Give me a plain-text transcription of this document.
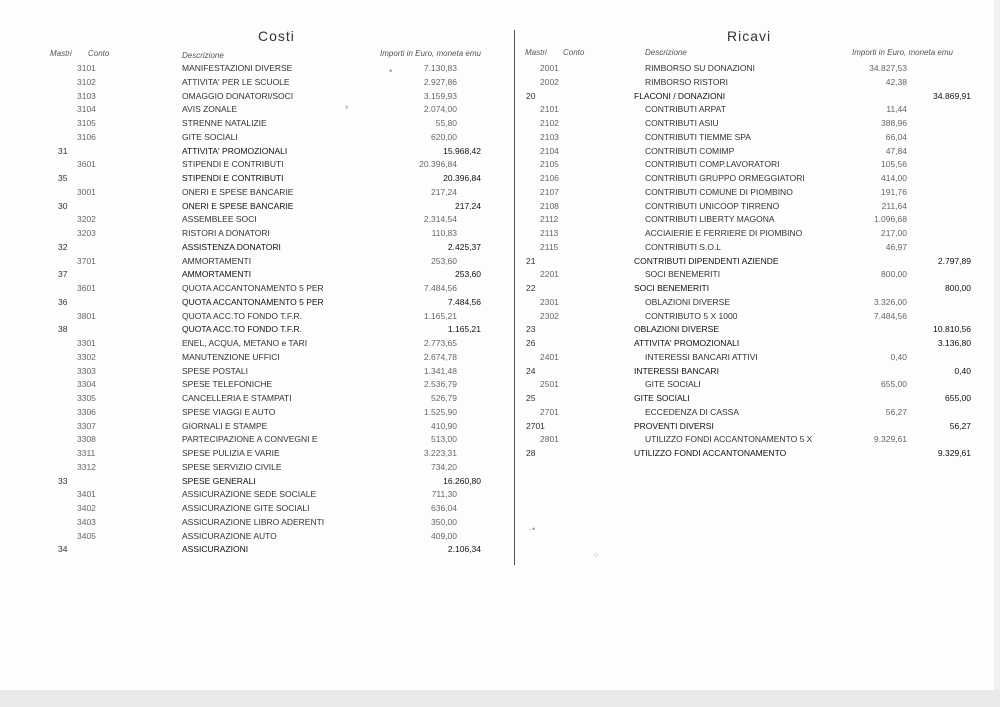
Costi	Ricavi
Mastri Conto	Descrizione	Importi in Euro, moneta emu	Mastri Conto	Descrizione	Importi in Euro, moneta emu
3101	MANIFESTAZIONI DIVERSE	7.130,83
3102	ATTIVITA' PER LE SCUOLE	2.927,86
3103	OMAGGIO DONATORI/SOCI	3.159,93
3104	AVIS ZONALE	2.074,00
3105	STRENNE NATALIZIE	55,80
3106	GITE SOCIALI	620,00
31	ATTIVITA' PROMOZIONALI	15.968,42
3601	STIPENDI E CONTRIBUTI	20.396,84
35	STIPENDI E CONTRIBUTI	20.396,84
3001	ONERI E SPESE BANCARIE	217,24
30	ONERI E SPESE BANCARIE	217,24
3202	ASSEMBLEE SOCI	2.314,54
3203	RISTORI A DONATORI	110,83
32	ASSISTENZA DONATORI	2.425,37
3701	AMMORTAMENTI	253,60
37	AMMORTAMENTI	253,60
3601	QUOTA ACCANTONAMENTO 5 PER	7.484,56
36	QUOTA ACCANTONAMENTO 5 PER	7.484,56
3801	QUOTA ACC.TO FONDO T.F.R.	1.165,21
38	QUOTA ACC.TO FONDO T.F.R.	1.165,21
3301	ENEL, ACQUA, METANO e TARI	2.773,65
3302	MANUTENZIONE UFFICI	2.674,78
3303	SPESE POSTALI	1.341,48
3304	SPESE TELEFONICHE	2.536,79
3305	CANCELLERIA E STAMPATI	526,79
3306	SPESE VIAGGI E AUTO	1.525,90
3307	GIORNALI E STAMPE	410,90
3308	PARTECIPAZIONE A CONVEGNI E	513,00
3311	SPESE PULIZIA E VARIE	3.223,31
3312	SPESE SERVIZIO CIVILE	734,20
33	SPESE GENERALI	16.260,80
3401	ASSICURAZIONE SEDE SOCIALE	711,30
3402	ASSICURAZIONE GITE SOCIALI	636,04
3403	ASSICURAZIONE LIBRO ADERENTI	350,00
3405	ASSICURAZIONE AUTO	409,00
34	ASSICURAZIONI	2.106,34
2001	RIMBORSO SU DONAZIONI	34.827,53
2002	RIMBORSO RISTORI	42,38
20	FLACONI / DONAZIONI	34.869,91
2101	CONTRIBUTI ARPAT	11,44
2102	CONTRIBUTI ASIU	388,96
2103	CONTRIBUTI TIEMME SPA	66,04
2104	CONTRIBUTI COMIMP	47,84
2105	CONTRIBUTI COMP.LAVORATORI	105,56
2106	CONTRIBUTI GRUPPO ORMEGGIATORI	414,00
2107	CONTRIBUTI COMUNE DI PIOMBINO	191,76
2108	CONTRIBUTI UNICOOP TIRRENO	211,64
2112	CONTRIBUTI LIBERTY MAGONA	1.096,68
2113	ACCIAIERIE E FERRIERE DI PIOMBINO	217,00
2115	CONTRIBUTI S.O.L	46,97
21	CONTRIBUTI DIPENDENTI AZIENDE	2.797,89
2201	SOCI BENEMERITI	800,00
22	SOCI BENEMERITI	800,00
2301	OBLAZIONI DIVERSE	3.326,00
2302	CONTRIBUTO 5 X 1000	7.484,56
23	OBLAZIONI DIVERSE	10.810,56
26	ATTIVITA' PROMOZIONALI	3.136,80
2401	INTERESSI BANCARI ATTIVI	0,40
24	INTERESSI BANCARI	0,40
2501	GITE SOCIALI	655,00
25	GITE SOCIALI	655,00
2701	ECCEDENZA DI CASSA	56,27
2701	PROVENTI DIVERSI	56,27
2801	UTILIZZO FONDI ACCANTONAMENTO 5 X	9.329,61
28	UTILIZZO FONDI ACCANTONAMENTO	9.329,61
•
*
·•
⁘
